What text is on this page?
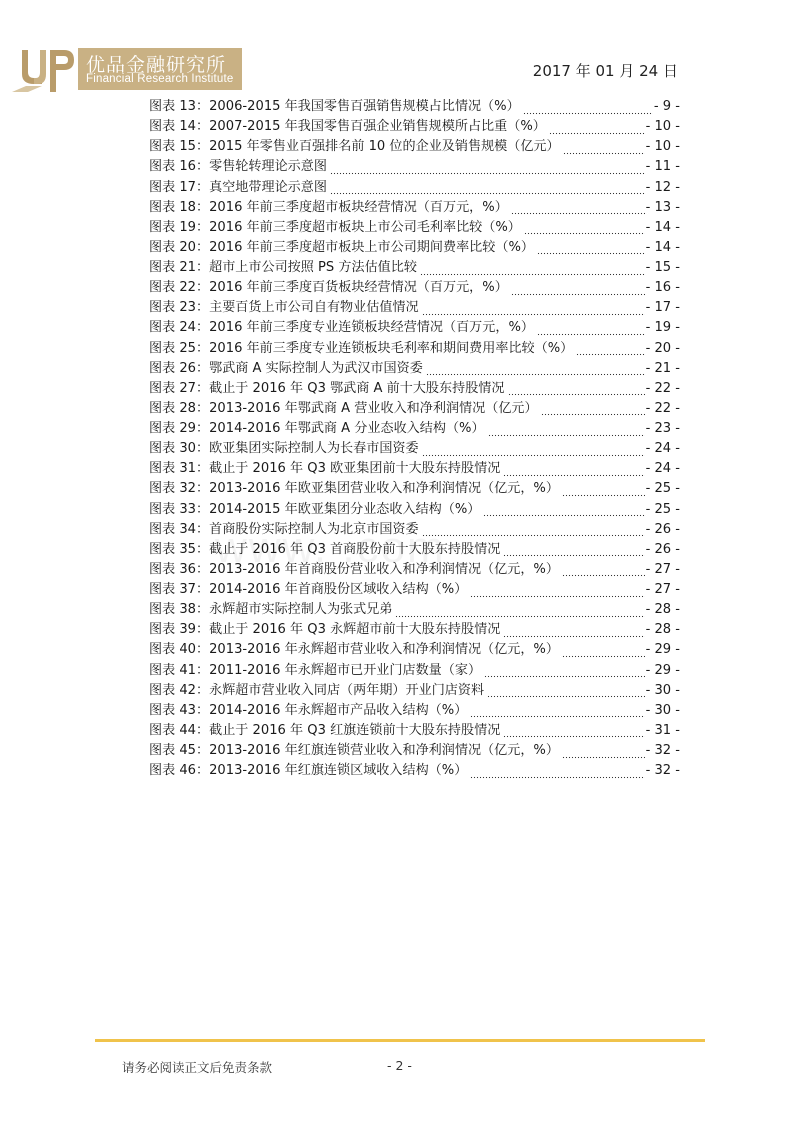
优品金融研究所
Financial Research Institute	2017 年 01 月 24 日
图表 13：2006-2015 年我国零售百强销售规模占比情况（%）	- 9 -
图表 14：2007-2015 年我国零售百强企业销售规模所占比重（%）	- 10 -
图表 15：2015 年零售业百强排名前 10 位的企业及销售规模（亿元）	- 10 -
图表 16：零售轮转理论示意图	- 11 -
图表 17：真空地带理论示意图	- 12 -
图表 18：2016 年前三季度超市板块经营情况（百万元，%）	- 13 -
图表 19：2016 年前三季度超市板块上市公司毛利率比较（%）	- 14 -
图表 20：2016 年前三季度超市板块上市公司期间费率比较（%）	- 14 -
图表 21：超市上市公司按照 PS 方法估值比较	- 15 -
图表 22：2016 年前三季度百货板块经营情况（百万元，%）	- 16 -
图表 23：主要百货上市公司自有物业估值情况	- 17 -
图表 24：2016 年前三季度专业连锁板块经营情况（百万元，%）	- 19 -
图表 25：2016 年前三季度专业连锁板块毛利率和期间费用率比较（%）	- 20 -
图表 26：鄂武商 A 实际控制人为武汉市国资委	- 21 -
图表 27：截止于 2016 年 Q3 鄂武商 A 前十大股东持股情况	- 22 -
图表 28：2013-2016 年鄂武商 A 营业收入和净利润情况（亿元）	- 22 -
图表 29：2014-2016 年鄂武商 A 分业态收入结构（%）	- 23 -
图表 30：欧亚集团实际控制人为长春市国资委	- 24 -
图表 31：截止于 2016 年 Q3 欧亚集团前十大股东持股情况	- 24 -
图表 32：2013-2016 年欧亚集团营业收入和净利润情况（亿元，%）	- 25 -
图表 33：2014-2015 年欧亚集团分业态收入结构（%）	- 25 -
图表 34：首商股份实际控制人为北京市国资委	- 26 -
图表 35：截止于 2016 年 Q3 首商股份前十大股东持股情况	- 26 -
图表 36：2013-2016 年首商股份营业收入和净利润情况（亿元，%）	- 27 -
图表 37：2014-2016 年首商股份区域收入结构（%）	- 27 -
图表 38：永辉超市实际控制人为张式兄弟	- 28 -
图表 39：截止于 2016 年 Q3 永辉超市前十大股东持股情况	- 28 -
图表 40：2013-2016 年永辉超市营业收入和净利润情况（亿元，%）	- 29 -
图表 41：2011-2016 年永辉超市已开业门店数量（家）	- 29 -
图表 42：永辉超市营业收入同店（两年期）开业门店资料	- 30 -
图表 43：2014-2016 年永辉超市产品收入结构（%）	- 30 -
图表 44：截止于 2016 年 Q3 红旗连锁前十大股东持股情况	- 31 -
图表 45：2013-2016 年红旗连锁营业收入和净利润情况（亿元，%）	- 32 -
图表 46：2013-2016 年红旗连锁区域收入结构（%）	- 32 -
请务必阅读正文后免责条款	- 2 -
